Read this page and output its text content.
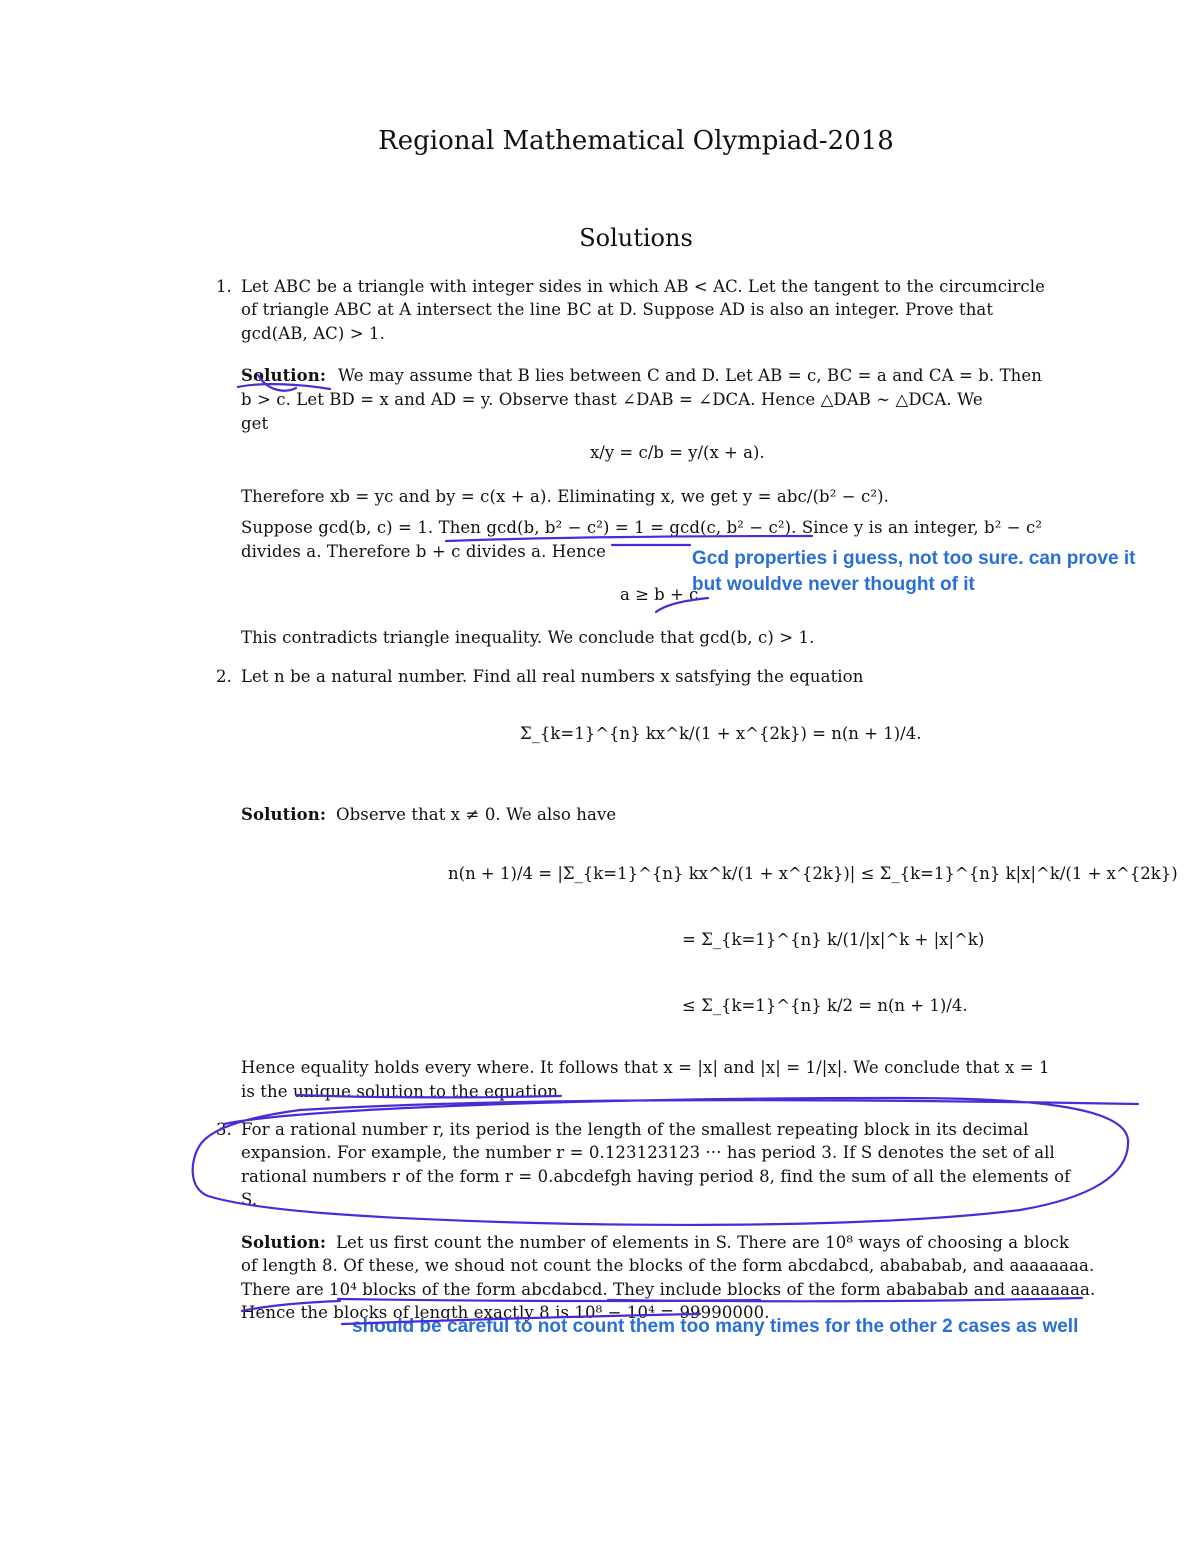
Regional Mathematical Olympiad-2018
Solutions
1. Let ABC be a triangle with integer sides in which AB < AC. Let the tangent to the circumcircle
of triangle ABC at A intersect the line BC at D. Suppose AD is also an integer. Prove that
gcd(AB, AC) > 1.
Solution: We may assume that B lies between C and D. Let AB = c, BC = a and CA = b. Then
b > c. Let BD = x and AD = y. Observe thast ∠DAB = ∠DCA. Hence △DAB ∼ △DCA. We
get
x/y = c/b = y/(x + a).
Therefore xb = yc and by = c(x + a). Eliminating x, we get y = abc/(b² − c²).
Suppose gcd(b, c) = 1. Then gcd(b, b² − c²) = 1 = gcd(c, b² − c²). Since y is an integer, b² − c²
divides a. Therefore b + c divides a. Hence
a ≥ b + c.
This contradicts triangle inequality. We conclude that gcd(b, c) > 1.
2. Let n be a natural number. Find all real numbers x satsfying the equation
Σ_{k=1}^{n} kx^k/(1 + x^{2k}) = n(n + 1)/4.
Solution: Observe that x ≠ 0. We also have
n(n + 1)/4 = |Σ_{k=1}^{n} kx^k/(1 + x^{2k})| ≤ Σ_{k=1}^{n} k|x|^k/(1 + x^{2k})
= Σ_{k=1}^{n} k/(1/|x|^k + |x|^k)
≤ Σ_{k=1}^{n} k/2 = n(n + 1)/4.
Hence equality holds every where. It follows that x = |x| and |x| = 1/|x|. We conclude that x = 1
is the unique solution to the equation.
3. For a rational number r, its period is the length of the smallest repeating block in its decimal
expansion. For example, the number r = 0.123123123 ··· has period 3. If S denotes the set of all
rational numbers r of the form r = 0.abcdefgh having period 8, find the sum of all the elements of
S.
Solution: Let us first count the number of elements in S. There are 10⁸ ways of choosing a block
of length 8. Of these, we shoud not count the blocks of the form abcdabcd, abababab, and aaaaaaaa.
There are 10⁴ blocks of the form abcdabcd. They include blocks of the form abababab and aaaaaaaa.
Hence the blocks of length exactly 8 is 10⁸ − 10⁴ = 99990000.
Gcd properties i guess, not too sure. can prove it
but wouldve never thought of it
should be careful to not count them too many times for the other 2 cases as well
